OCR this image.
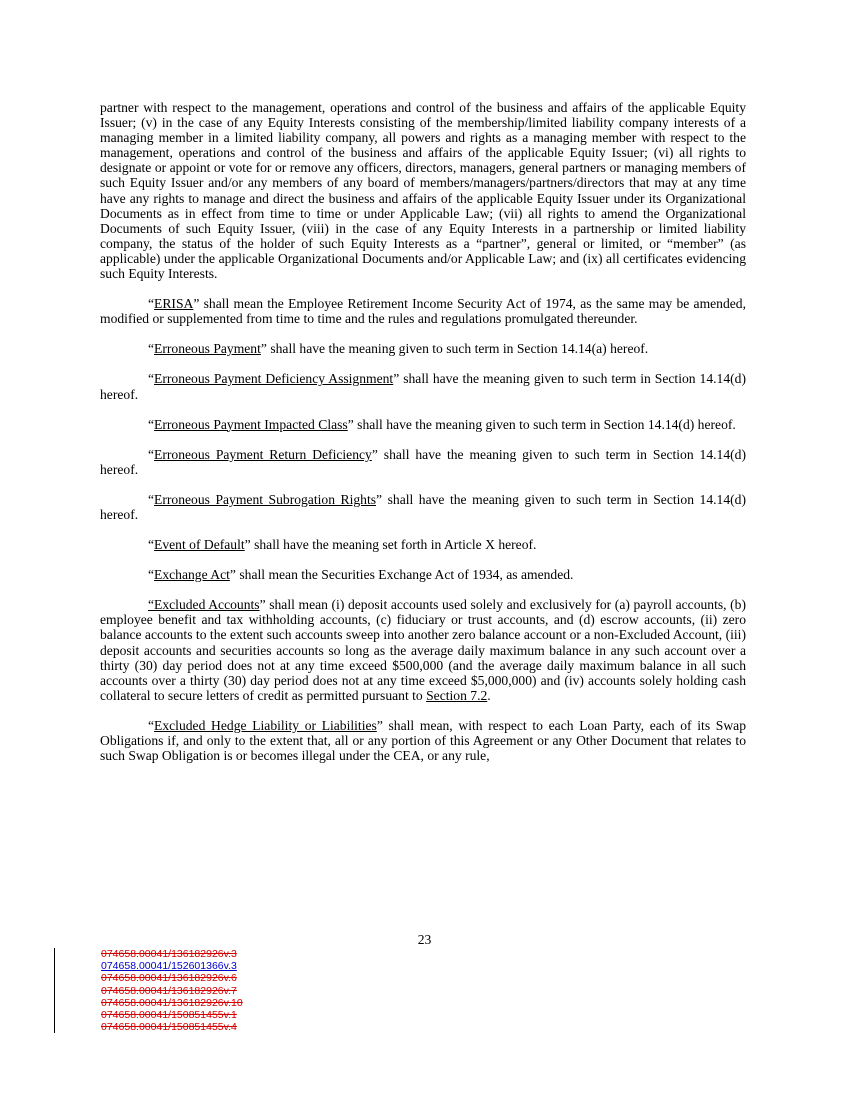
partner with respect to the management, operations and control of the business and affairs of the applicable Equity Issuer; (v) in the case of any Equity Interests consisting of the membership/limited liability company interests of a managing member in a limited liability company, all powers and rights as a managing member with respect to the management, operations and control of the business and affairs of the applicable Equity Issuer; (vi) all rights to designate or appoint or vote for or remove any officers, directors, managers, general partners or managing members of such Equity Issuer and/or any members of any board of members/managers/partners/directors that may at any time have any rights to manage and direct the business and affairs of the applicable Equity Issuer under its Organizational Documents as in effect from time to time or under Applicable Law; (vii) all rights to amend the Organizational Documents of such Equity Issuer, (viii) in the case of any Equity Interests in a partnership or limited liability company, the status of the holder of such Equity Interests as a “partner”, general or limited, or “member” (as applicable) under the applicable Organizational Documents and/or Applicable Law; and (ix) all certificates evidencing such Equity Interests.

“ERISA” shall mean the Employee Retirement Income Security Act of 1974, as the same may be amended, modified or supplemented from time to time and the rules and regulations promulgated thereunder.

“Erroneous Payment” shall have the meaning given to such term in Section 14.14(a) hereof.

“Erroneous Payment Deficiency Assignment” shall have the meaning given to such term in Section 14.14(d) hereof.

“Erroneous Payment Impacted Class” shall have the meaning given to such term in Section 14.14(d) hereof.

“Erroneous Payment Return Deficiency” shall have the meaning given to such term in Section 14.14(d) hereof.

“Erroneous Payment Subrogation Rights” shall have the meaning given to such term in Section 14.14(d) hereof.

“Event of Default” shall have the meaning set forth in Article X hereof.

“Exchange Act” shall mean the Securities Exchange Act of 1934, as amended.

“Excluded Accounts” shall mean (i) deposit accounts used solely and exclusively for (a) payroll accounts, (b) employee benefit and tax withholding accounts, (c) fiduciary or trust accounts, and (d) escrow accounts, (ii) zero balance accounts to the extent such accounts sweep into another zero balance account or a non-Excluded Account, (iii) deposit accounts and securities accounts so long as the average daily maximum balance in any such account over a thirty (30) day period does not at any time exceed $500,000 (and the average daily maximum balance in all such accounts over a thirty (30) day period does not at any time exceed $5,000,000) and (iv) accounts solely holding cash collateral to secure letters of credit as permitted pursuant to Section 7.2.

“Excluded Hedge Liability or Liabilities” shall mean, with respect to each Loan Party, each of its Swap Obligations if, and only to the extent that, all or any portion of this Agreement or any Other Document that relates to such Swap Obligation is or becomes illegal under the CEA, or any rule,

23
074658.00041/136182926v.3
074658.00041/152601366v.3
074658.00041/136182926v.6
074658.00041/136182926v.7
074658.00041/136182926v.10
074658.00041/150851455v.1
074658.00041/150851455v.4
